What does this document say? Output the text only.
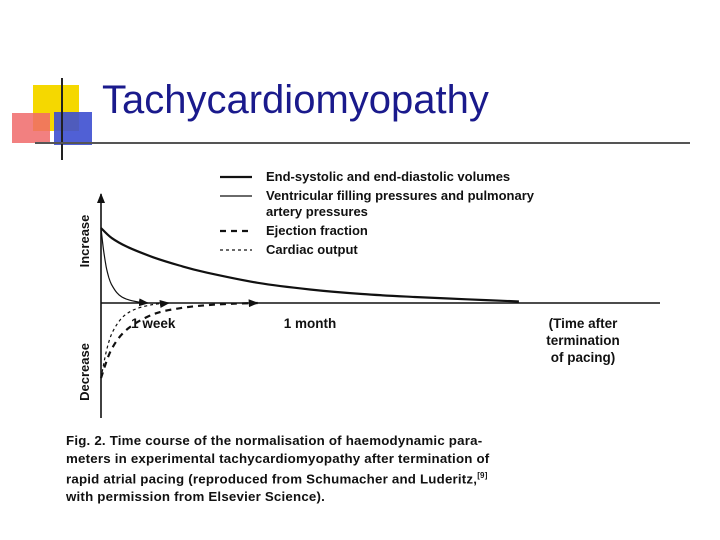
Tachycardiomyopathy
Increase
Decrease
1 week	1 month	(Time after
termination
of pacing)
End-systolic and end-diastolic volumes
Ventricular filling pressures and pulmonary
artery pressures
Ejection fraction
Cardiac output
Fig. 2. Time course of the normalisation of haemodynamic para-
meters in experimental tachycardiomyopathy after termination of
rapid atrial pacing (reproduced from Schumacher and Luderitz,[9]
with permission from Elsevier Science).
